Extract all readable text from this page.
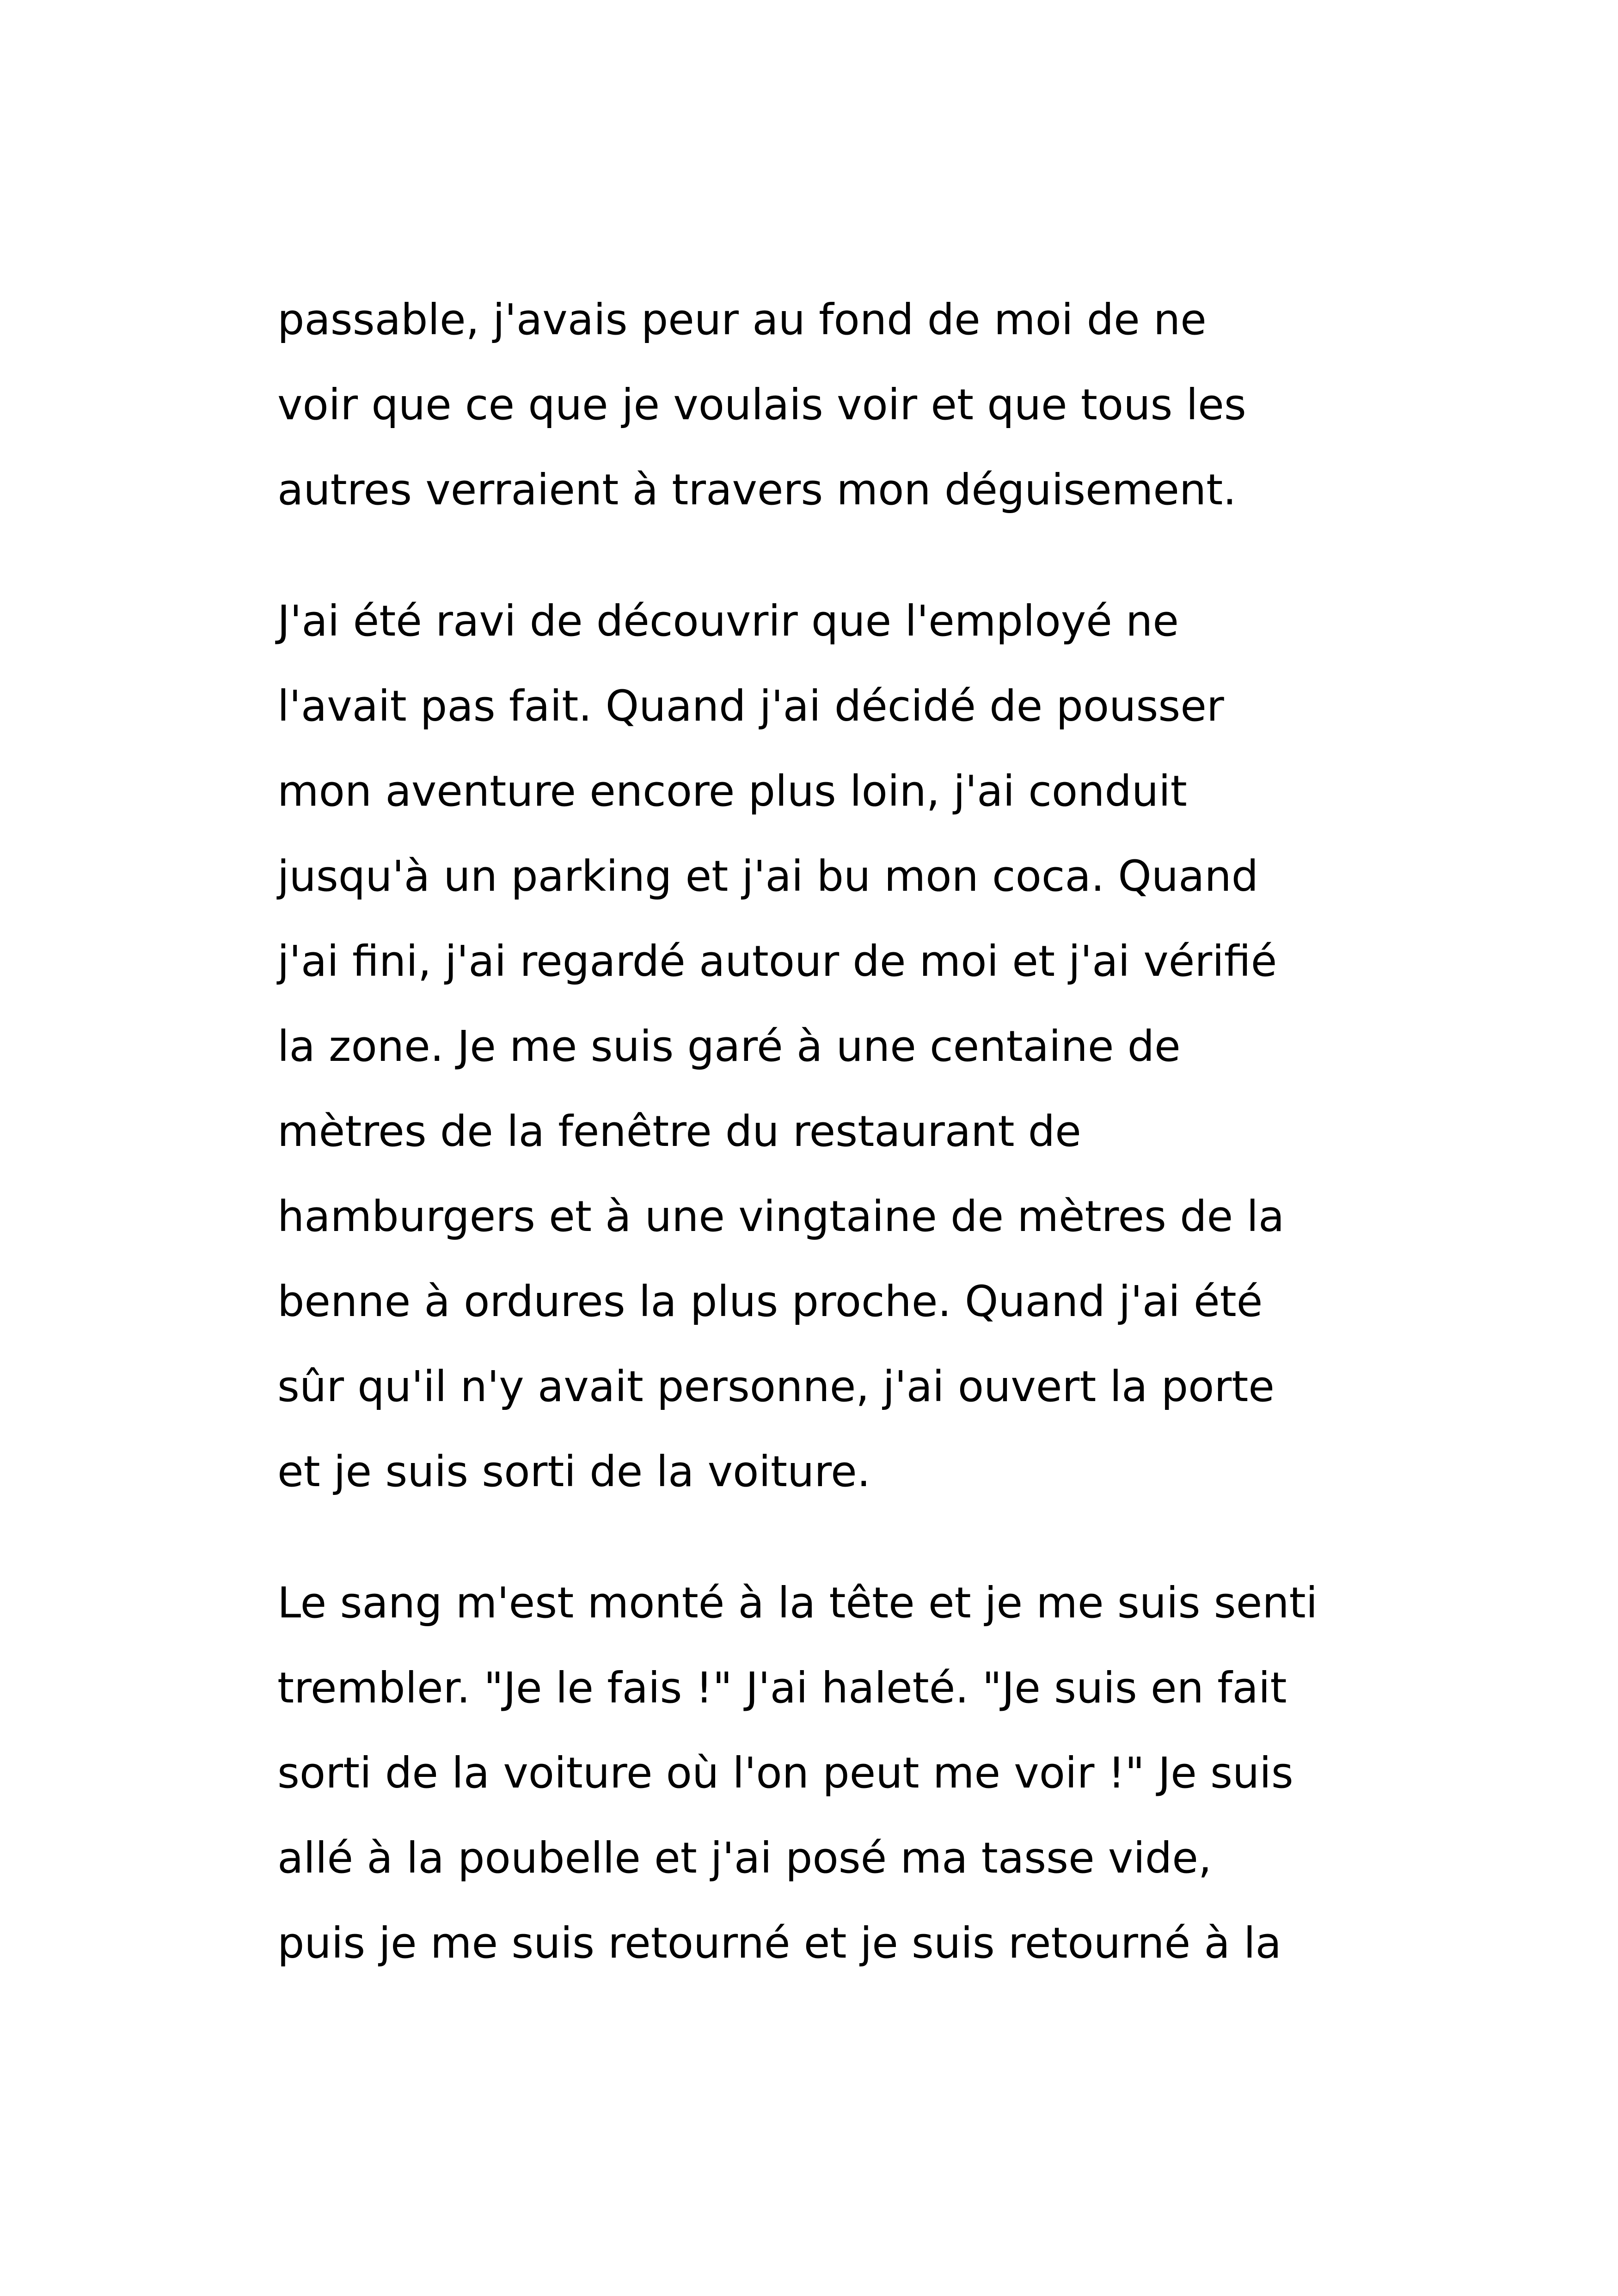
passable, j'avais peur au fond de moi de ne
voir que ce que je voulais voir et que tous les
autres verraient à travers mon déguisement.
J'ai été ravi de découvrir que l'employé ne
l'avait pas fait. Quand j'ai décidé de pousser
mon aventure encore plus loin, j'ai conduit
jusqu'à un parking et j'ai bu mon coca. Quand
j'ai fini, j'ai regardé autour de moi et j'ai vérifié
la zone. Je me suis garé à une centaine de
mètres de la fenêtre du restaurant de
hamburgers et à une vingtaine de mètres de la
benne à ordures la plus proche. Quand j'ai été
sûr qu'il n'y avait personne, j'ai ouvert la porte
et je suis sorti de la voiture.
Le sang m'est monté à la tête et je me suis senti
trembler. "Je le fais !" J'ai haleté. "Je suis en fait
sorti de la voiture où l'on peut me voir !" Je suis
allé à la poubelle et j'ai posé ma tasse vide,
puis je me suis retourné et je suis retourné à la
